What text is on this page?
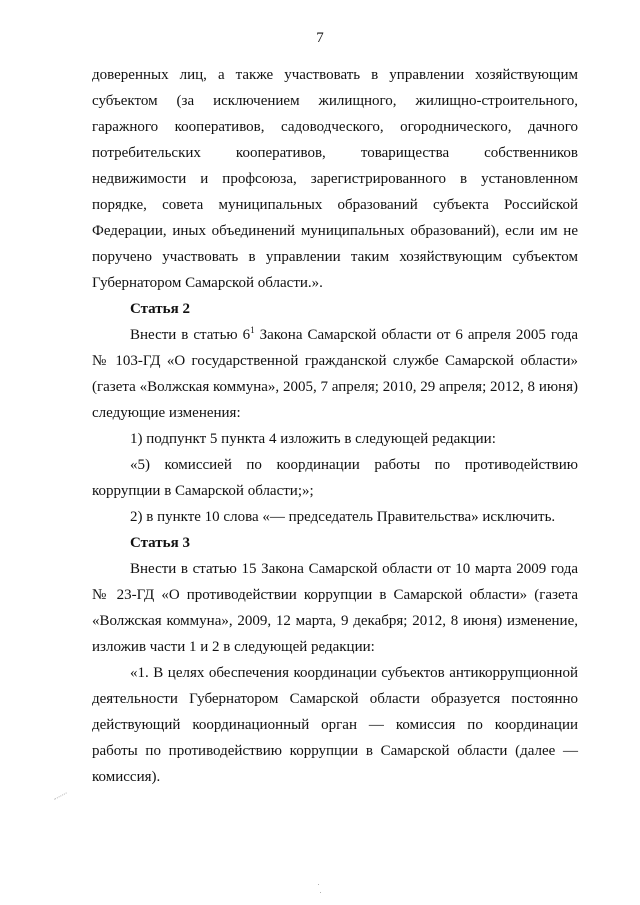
7

доверенных лиц, а также участвовать в управлении хозяйствующим субъектом (за исключением жилищного, жилищно-строительного, гаражного кооперативов, садоводческого, огороднического, дачного потребительских кооперативов, товарищества собственников недвижимости и профсоюза, зарегистрированного в установленном порядке, совета муниципальных образований субъекта Российской Федерации, иных объединений муниципальных образований), если им не поручено участвовать в управлении таким хозяйствующим субъектом Губернатором Самарской области.».

Статья 2

Внести в статью $6^1$ Закона Самарской области от 6 апреля 2005 года № 103-ГД «О государственной гражданской службе Самарской области» (газета «Волжская коммуна», 2005, 7 апреля; 2010, 29 апреля; 2012, 8 июня) следующие изменения:

1) подпункт 5 пункта 4 изложить в следующей редакции:

«5) комиссией по координации работы по противодействию коррупции в Самарской области;»;

2) в пункте 10 слова «— председатель Правительства» исключить.

Статья 3

Внести в статью 15 Закона Самарской области от 10 марта 2009 года № 23-ГД «О противодействии коррупции в Самарской области» (газета «Волжская коммуна», 2009, 12 марта, 9 декабря; 2012, 8 июня) изменение, изложив части 1 и 2 в следующей редакции:

«1. В целях обеспечения координации субъектов антикоррупционной деятельности Губернатором Самарской области образуется постоянно действующий координационный орган — комиссия по координации работы по противодействию коррупции в Самарской области (далее — комиссия).
